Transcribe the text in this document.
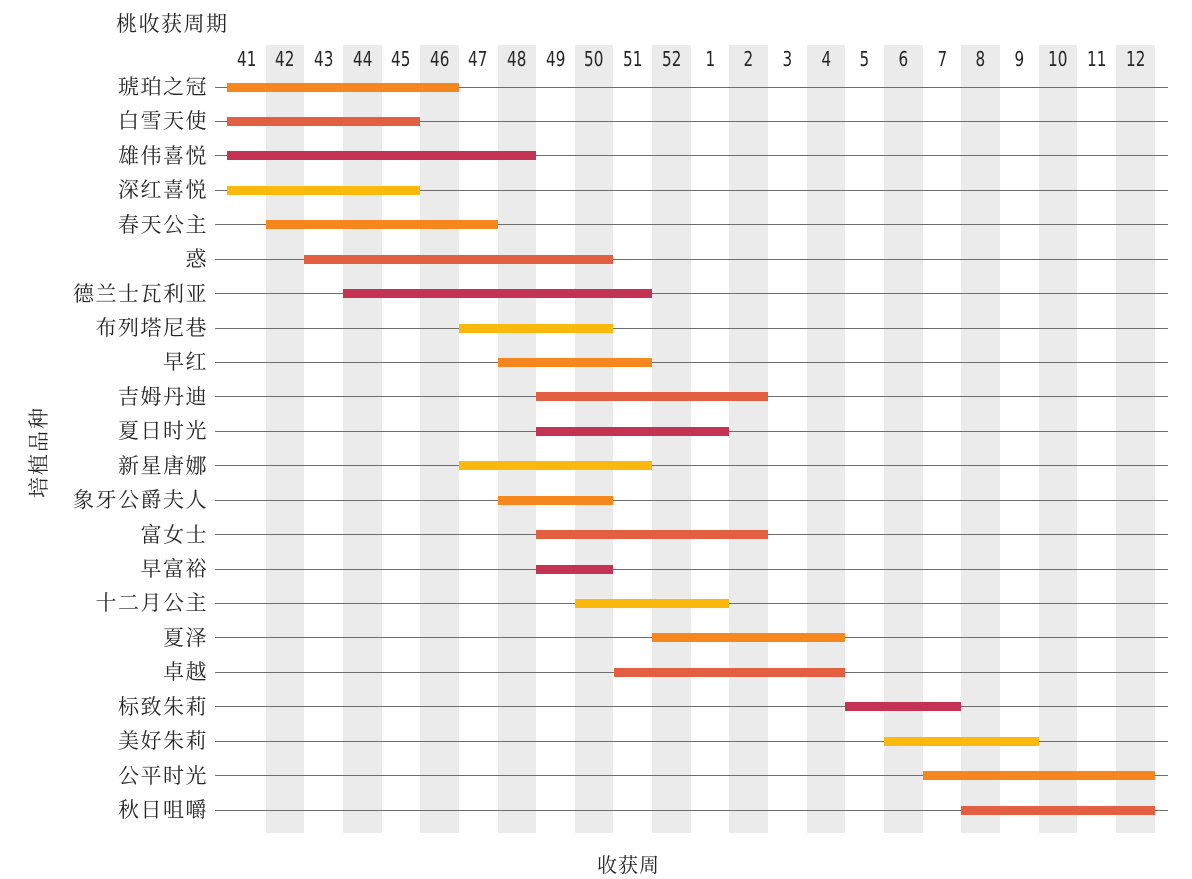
桃收获周期
培植品种
收获周
41 42 43 44 45 46 47 48 49 50 51 52 1 2 3 4 5 6 7 8 9 10 11 12
琥珀之冠
白雪天使
雄伟喜悦
深红喜悦
春天公主
惑
德兰士瓦利亚
布列塔尼巷
早红
吉姆丹迪
夏日时光
新星唐娜
象牙公爵夫人
富女士
早富裕
十二月公主
夏泽
卓越
标致朱莉
美好朱莉
公平时光
秋日咀嚼
